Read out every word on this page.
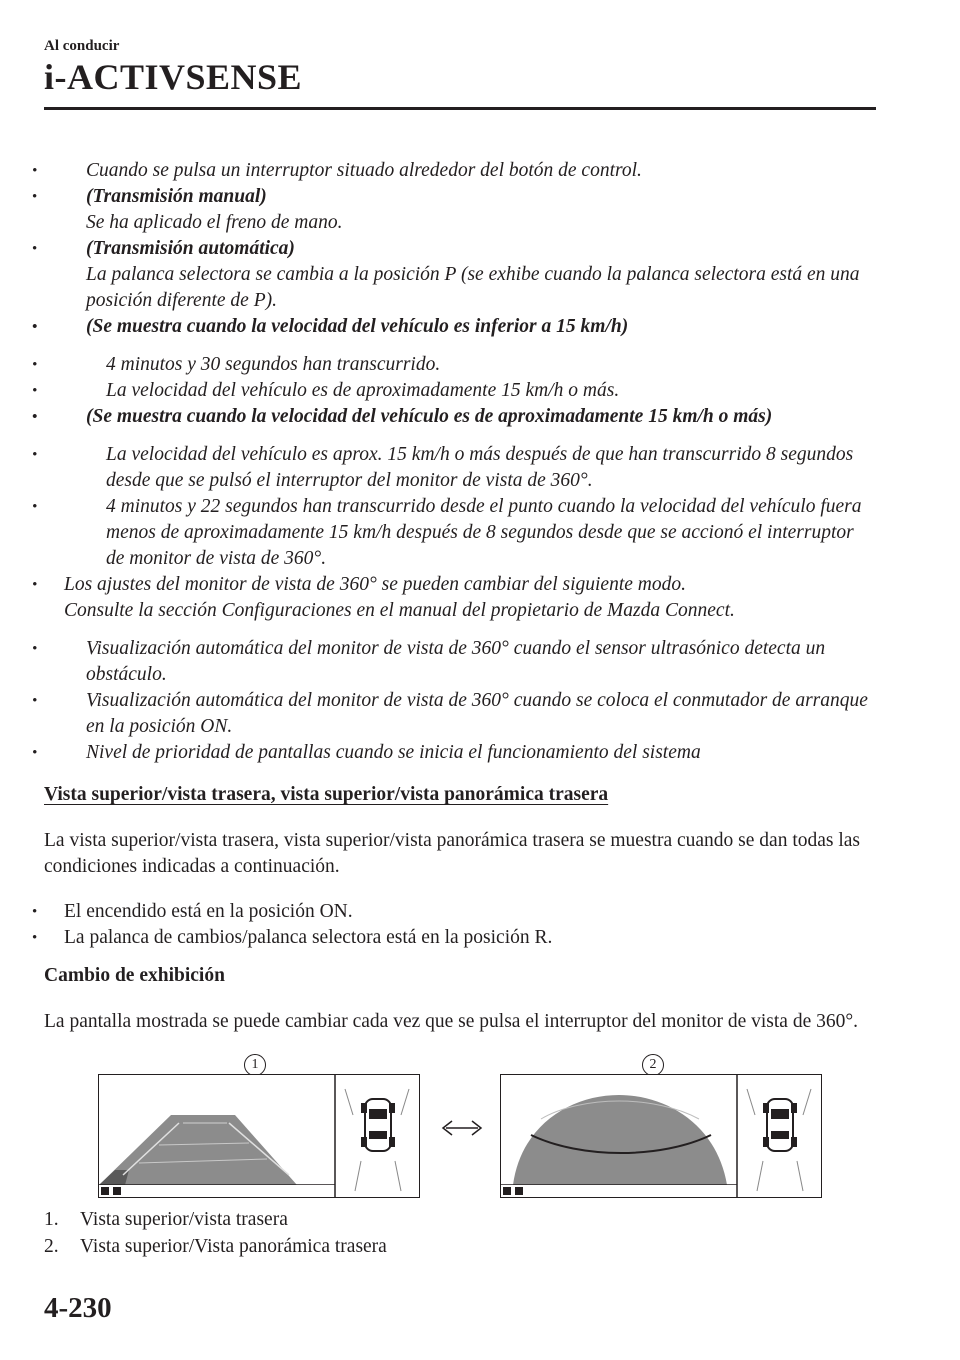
Al conducir
i-ACTIVSENSE

• Cuando se pulsa un interruptor situado alrededor del botón de control.

• (Transmisión manual)
Se ha aplicado el freno de mano.

• (Transmisión automática)
La palanca selectora se cambia a la posición P (se exhibe cuando la palanca selectora está en una posición diferente de P).

• (Se muestra cuando la velocidad del vehículo es inferior a 15 km/h)

•	4 minutos y 30 segundos han transcurrido.

•	La velocidad del vehículo es de aproximadamente 15 km/h o más.

• (Se muestra cuando la velocidad del vehículo es de aproximadamente 15 km/h o más)

•	La velocidad del vehículo es aprox. 15 km/h o más después de que han transcurrido 8 segundos desde que se pulsó el interruptor del monitor de vista de 360°.

•	4 minutos y 22 segundos han transcurrido desde el punto cuando la velocidad del vehículo fuera menos de aproximadamente 15 km/h después de 8 segundos desde que se accionó el interruptor de monitor de vista de 360°.

• Los ajustes del monitor de vista de 360° se pueden cambiar del siguiente modo.
Consulte la sección Configuraciones en el manual del propietario de Mazda Connect.

• Visualización automática del monitor de vista de 360° cuando el sensor ultrasónico detecta un obstáculo.

• Visualización automática del monitor de vista de 360° cuando se coloca el conmutador de arranque en la posición ON.

• Nivel de prioridad de pantallas cuando se inicia el funcionamiento del sistema

Vista superior/vista trasera, vista superior/vista panorámica trasera

La vista superior/vista trasera, vista superior/vista panorámica trasera se muestra cuando se dan todas las condiciones indicadas a continuación.

• El encendido está en la posición ON.

• La palanca de cambios/palanca selectora está en la posición R.

Cambio de exhibición

La pantalla mostrada se puede cambiar cada vez que se pulsa el interruptor del monitor de vista de 360°.

1	2
1. Vista superior/vista trasera
2. Vista superior/Vista panorámica trasera
4-230
